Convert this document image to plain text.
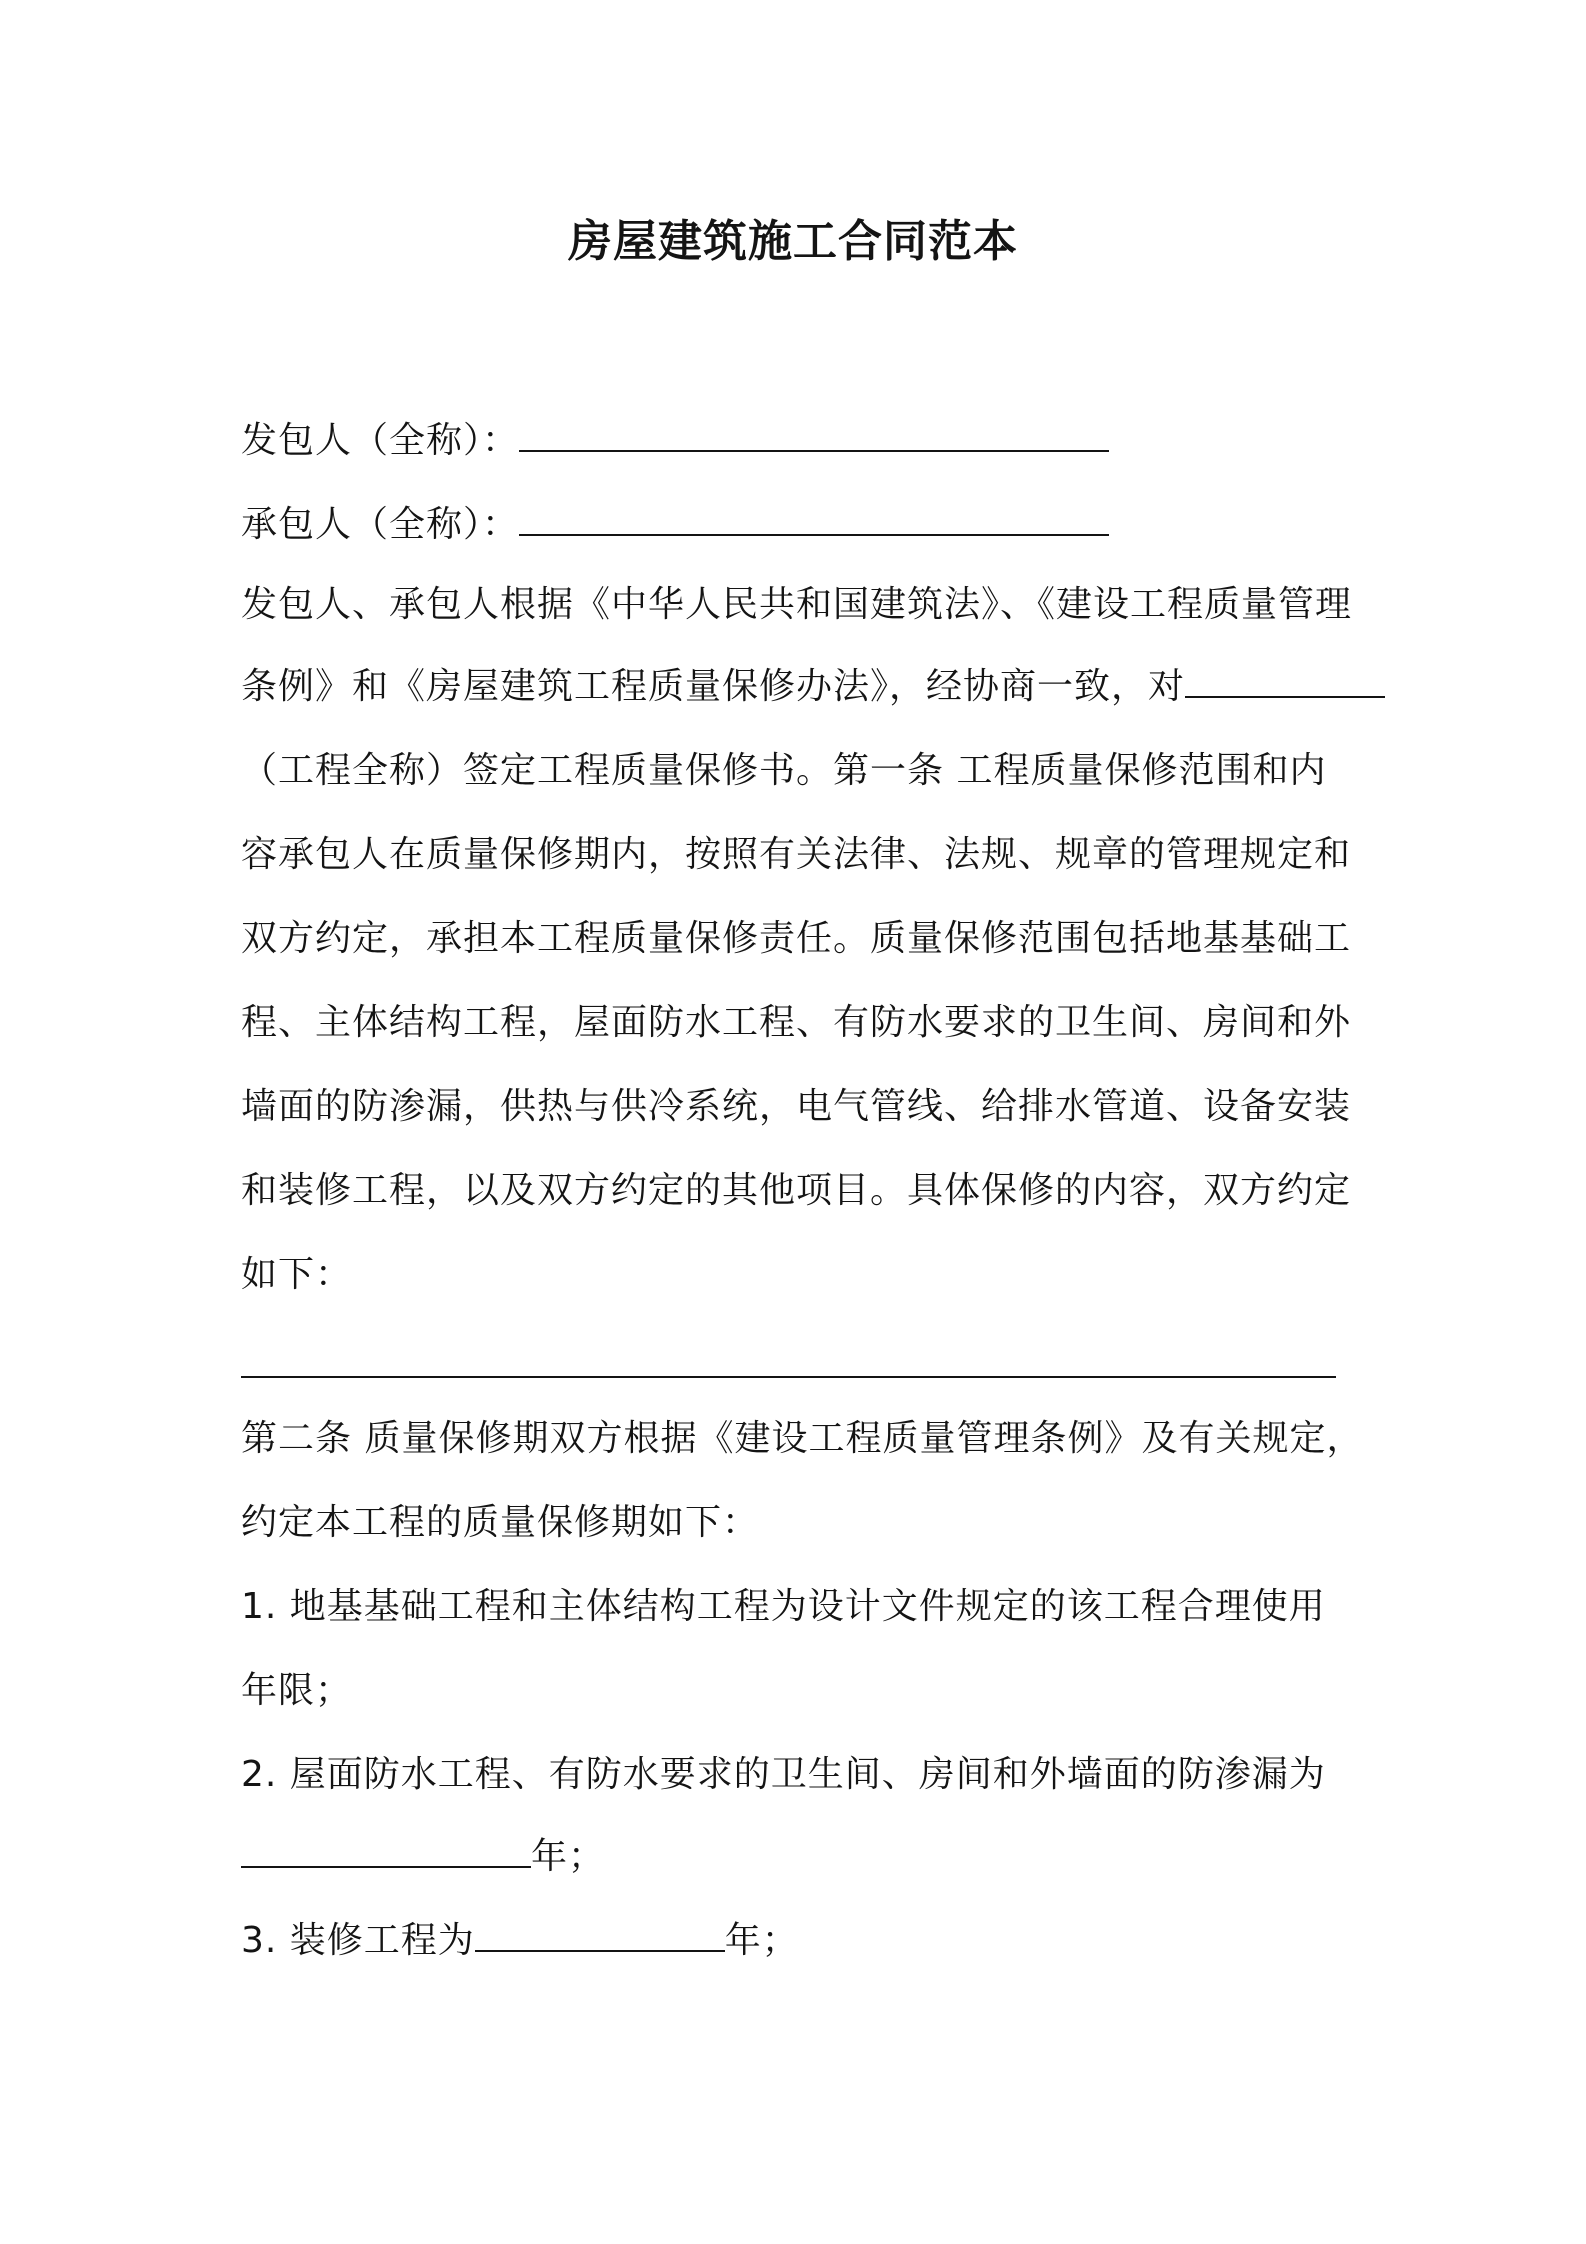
房屋建筑施工合同范本
发包人（全称）：
承包人（全称）：
发包人、承包人根据《中华人民共和国建筑法》、《建设工程质量管理
条例》和《房屋建筑工程质量保修办法》，经协商一致，对
（工程全称）签定工程质量保修书。第一条 工程质量保修范围和内
容承包人在质量保修期内，按照有关法律、法规、规章的管理规定和
双方约定，承担本工程质量保修责任。质量保修范围包括地基基础工
程、主体结构工程，屋面防水工程、有防水要求的卫生间、房间和外
墙面的防渗漏，供热与供冷系统，电气管线、给排水管道、设备安装
和装修工程，以及双方约定的其他项目。具体保修的内容，双方约定
如下：
第二条 质量保修期双方根据《建设工程质量管理条例》及有关规定，
约定本工程的质量保修期如下：
1. 地基基础工程和主体结构工程为设计文件规定的该工程合理使用
年限；
2. 屋面防水工程、有防水要求的卫生间、房间和外墙面的防渗漏为
年；
3. 装修工程为	年；
